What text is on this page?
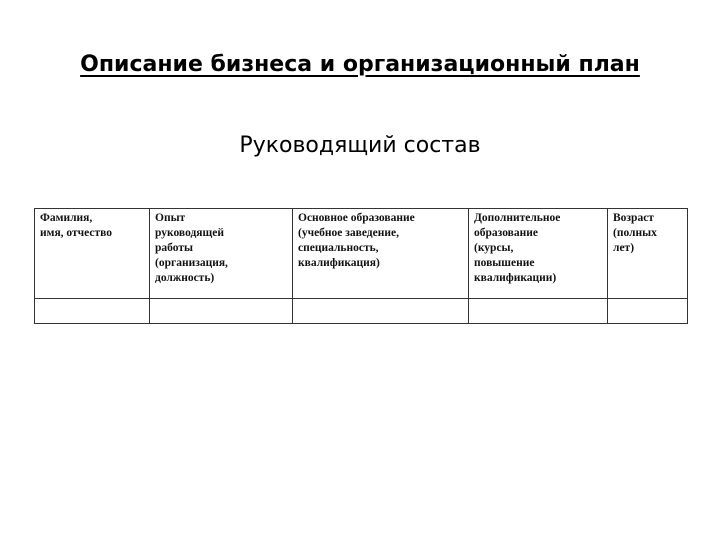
Описание бизнеса и организационный план
Руководящий состав
Фамилия,
имя, отчество	Опыт
руководящей
работы
(организация,
должность)	Основное образование
(учебное заведение,
специальность,
квалификация)	Дополнительное
образование
(курсы,
повышение
квалификации)	Возраст
(полных
лет)
